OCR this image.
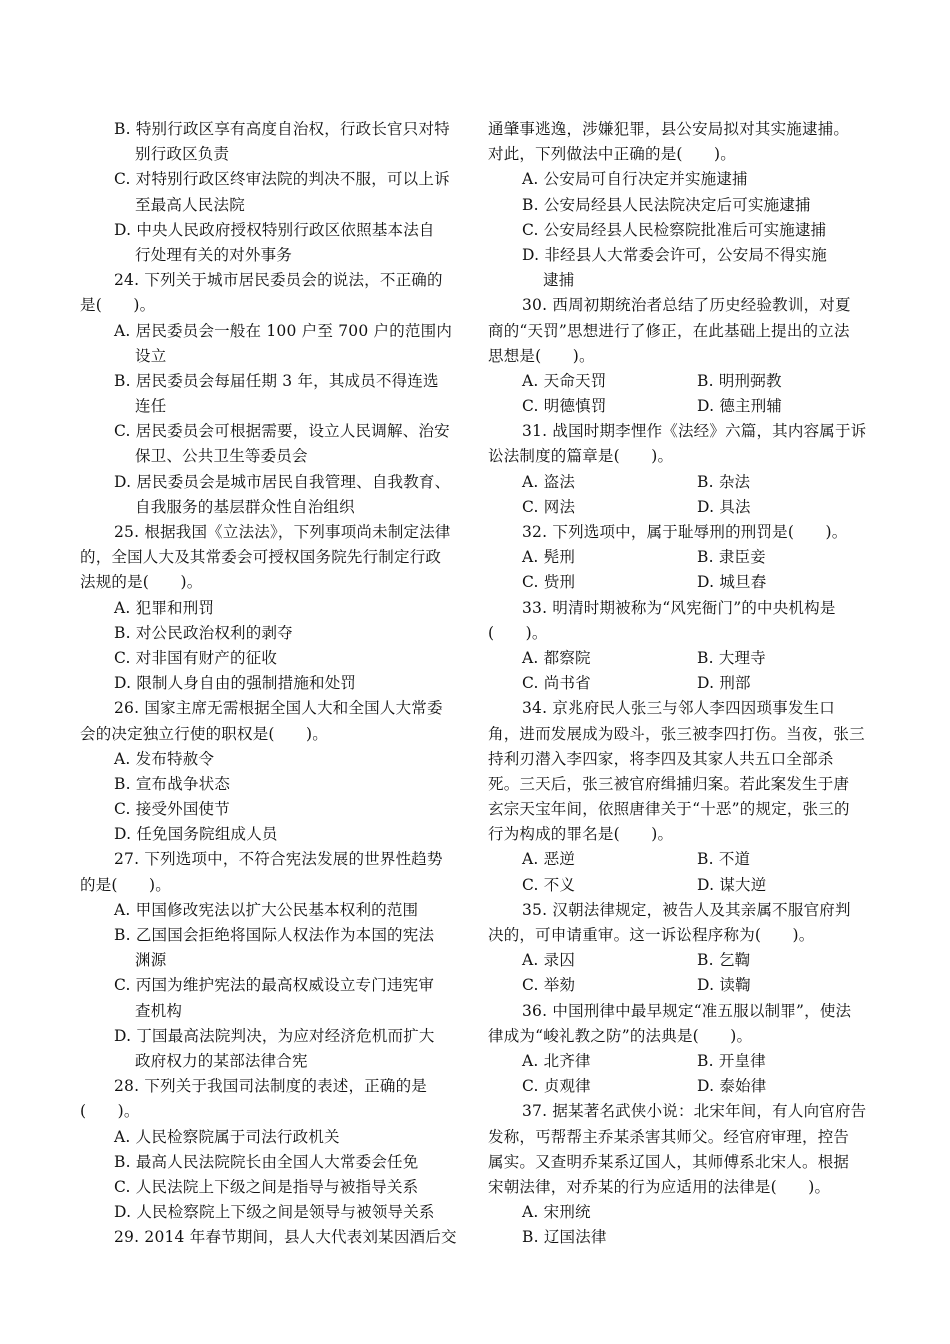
B. 特别行政区享有高度自治权，行政长官只对特
别行政区负责
C. 对特别行政区终审法院的判决不服，可以上诉
至最高人民法院
D. 中央人民政府授权特别行政区依照基本法自
行处理有关的对外事务
24. 下列关于城市居民委员会的说法，不正确的
是(　　)。
A. 居民委员会一般在 100 户至 700 户的范围内
设立
B. 居民委员会每届任期 3 年，其成员不得连选
连任
C. 居民委员会可根据需要，设立人民调解、治安
保卫、公共卫生等委员会
D. 居民委员会是城市居民自我管理、自我教育、
自我服务的基层群众性自治组织
25. 根据我国《立法法》，下列事项尚未制定法律
的，全国人大及其常委会可授权国务院先行制定行政
法规的是(　　)。
A. 犯罪和刑罚
B. 对公民政治权利的剥夺
C. 对非国有财产的征收
D. 限制人身自由的强制措施和处罚
26. 国家主席无需根据全国人大和全国人大常委
会的决定独立行使的职权是(　　)。
A. 发布特赦令
B. 宣布战争状态
C. 接受外国使节
D. 任免国务院组成人员
27. 下列选项中，不符合宪法发展的世界性趋势
的是(　　)。
A. 甲国修改宪法以扩大公民基本权利的范围
B. 乙国国会拒绝将国际人权法作为本国的宪法
渊源
C. 丙国为维护宪法的最高权威设立专门违宪审
查机构
D. 丁国最高法院判决，为应对经济危机而扩大
政府权力的某部法律合宪
28. 下列关于我国司法制度的表述，正确的是
(　　)。
A. 人民检察院属于司法行政机关
B. 最高人民法院院长由全国人大常委会任免
C. 人民法院上下级之间是指导与被指导关系
D. 人民检察院上下级之间是领导与被领导关系
29. 2014 年春节期间，县人大代表刘某因酒后交
通肇事逃逸，涉嫌犯罪，县公安局拟对其实施逮捕。
对此，下列做法中正确的是(　　)。
A. 公安局可自行决定并实施逮捕
B. 公安局经县人民法院决定后可实施逮捕
C. 公安局经县人民检察院批准后可实施逮捕
D. 非经县人大常委会许可，公安局不得实施
逮捕
30. 西周初期统治者总结了历史经验教训，对夏
商的“天罚”思想进行了修正，在此基础上提出的立法
思想是(　　)。
A. 天命天罚	B. 明刑弼教
C. 明德慎罚	D. 德主刑辅
31. 战国时期李悝作《法经》六篇，其内容属于诉
讼法制度的篇章是(　　)。
A. 盗法	B. 杂法
C. 网法	D. 具法
32. 下列选项中，属于耻辱刑的刑罚是(　　)。
A. 髡刑	B. 隶臣妾
C. 赀刑	D. 城旦舂
33. 明清时期被称为“风宪衙门”的中央机构是
(　　)。
A. 都察院	B. 大理寺
C. 尚书省	D. 刑部
34. 京兆府民人张三与邻人李四因琐事发生口
角，进而发展成为殴斗，张三被李四打伤。当夜，张三
持利刃潜入李四家，将李四及其家人共五口全部杀
死。三天后，张三被官府缉捕归案。若此案发生于唐
玄宗天宝年间，依照唐律关于“十恶”的规定，张三的
行为构成的罪名是(　　)。
A. 恶逆	B. 不道
C. 不义	D. 谋大逆
35. 汉朝法律规定，被告人及其亲属不服官府判
决的，可申请重审。这一诉讼程序称为(　　)。
A. 录囚	B. 乞鞫
C. 举劾	D. 读鞫
36. 中国刑律中最早规定“准五服以制罪”，使法
律成为“峻礼教之防”的法典是(　　)。
A. 北齐律	B. 开皇律
C. 贞观律	D. 泰始律
37. 据某著名武侠小说：北宋年间，有人向官府告
发称，丐帮帮主乔某杀害其师父。经官府审理，控告
属实。又查明乔某系辽国人，其师傅系北宋人。根据
宋朝法律，对乔某的行为应适用的法律是(　　)。
A. 宋刑统
B. 辽国法律
